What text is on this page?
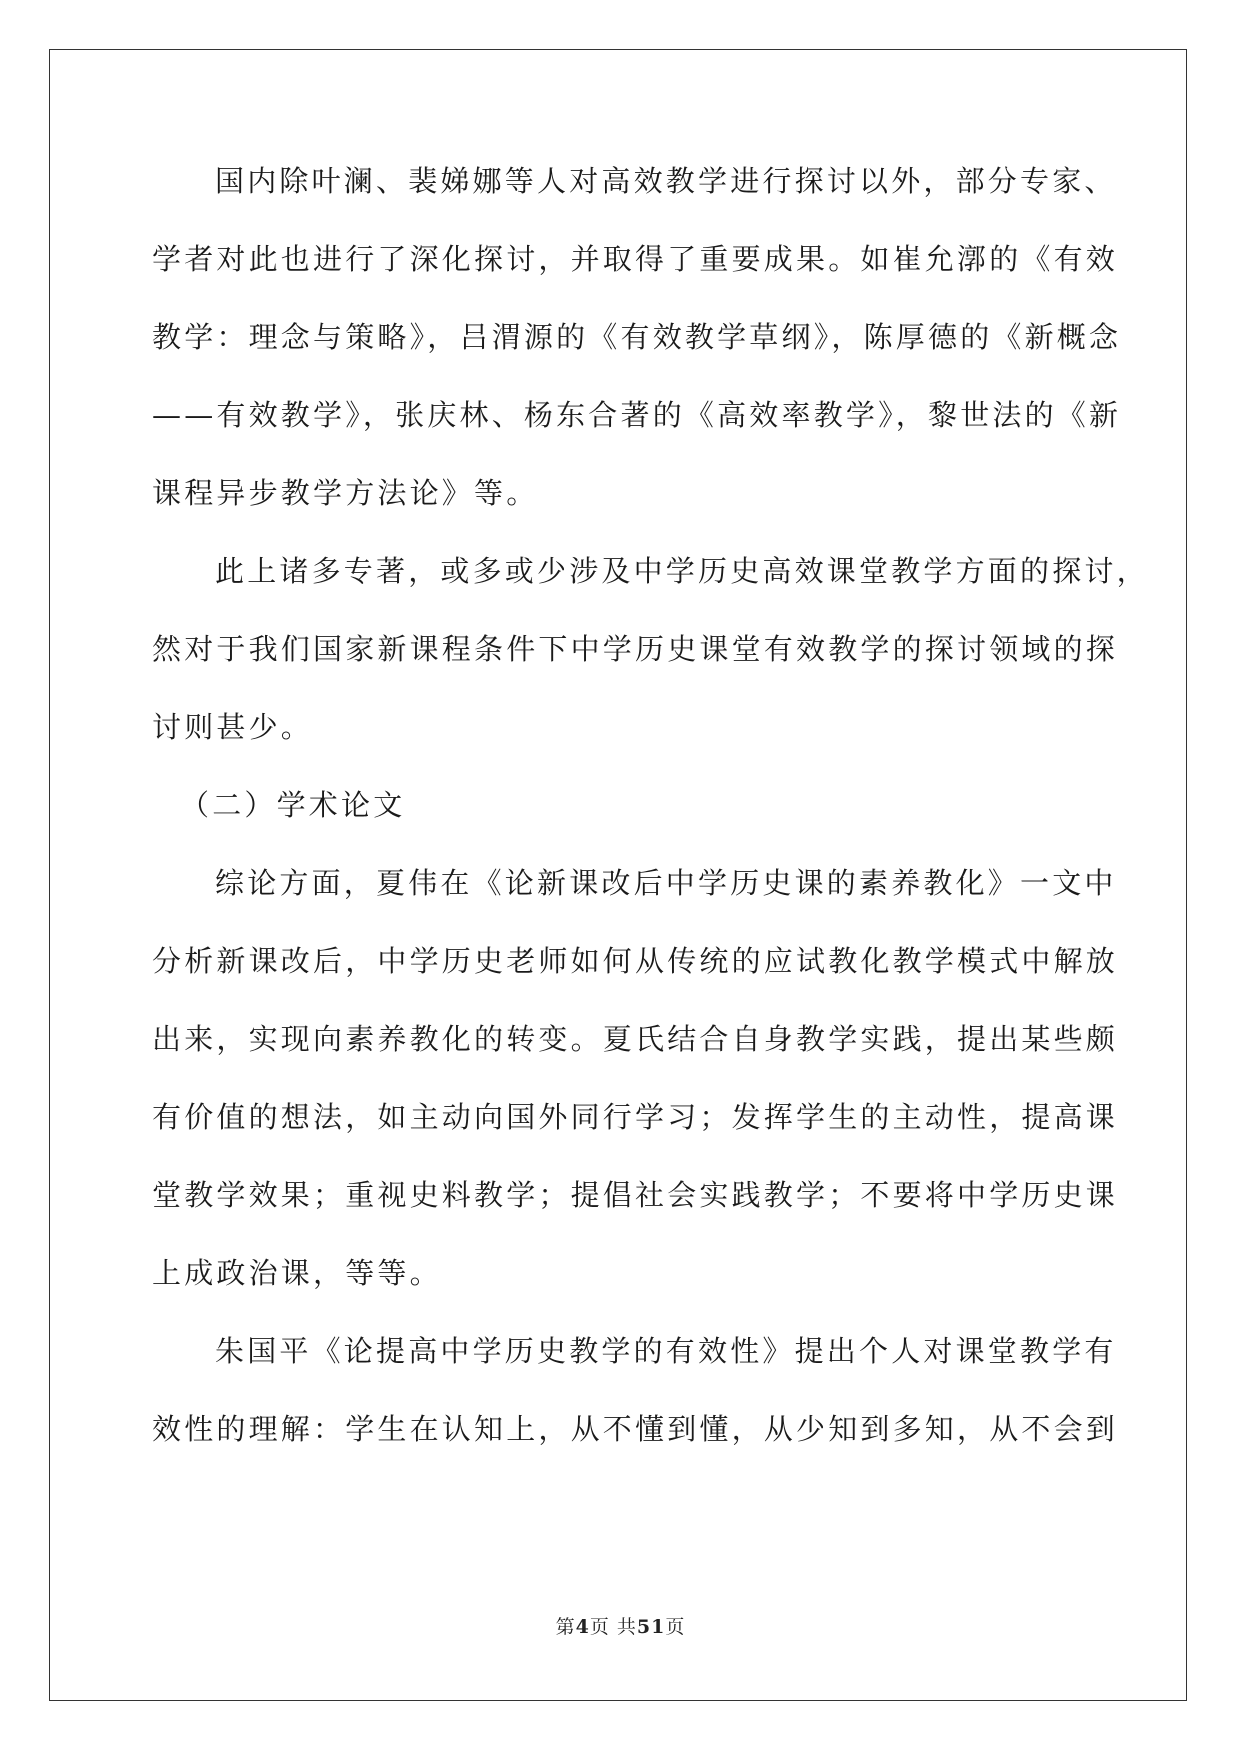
国内除叶澜、裴娣娜等人对高效教学进行探讨以外，部分专家、
学者对此也进行了深化探讨，并取得了重要成果。如崔允漷的《有效
教学：理念与策略》，吕渭源的《有效教学草纲》，陈厚德的《新概念
——有效教学》，张庆林、杨东合著的《高效率教学》，黎世法的《新
课程异步教学方法论》等。
此上诸多专著，或多或少涉及中学历史高效课堂教学方面的探讨，
然对于我们国家新课程条件下中学历史课堂有效教学的探讨领域的探
讨则甚少。
（二）学术论文
综论方面，夏伟在《论新课改后中学历史课的素养教化》一文中
分析新课改后，中学历史老师如何从传统的应试教化教学模式中解放
出来，实现向素养教化的转变。夏氏结合自身教学实践，提出某些颇
有价值的想法，如主动向国外同行学习；发挥学生的主动性，提高课
堂教学效果；重视史料教学；提倡社会实践教学；不要将中学历史课
上成政治课，等等。
朱国平《论提高中学历史教学的有效性》提出个人对课堂教学有
效性的理解：学生在认知上，从不懂到懂，从少知到多知，从不会到
第4页 共51页
